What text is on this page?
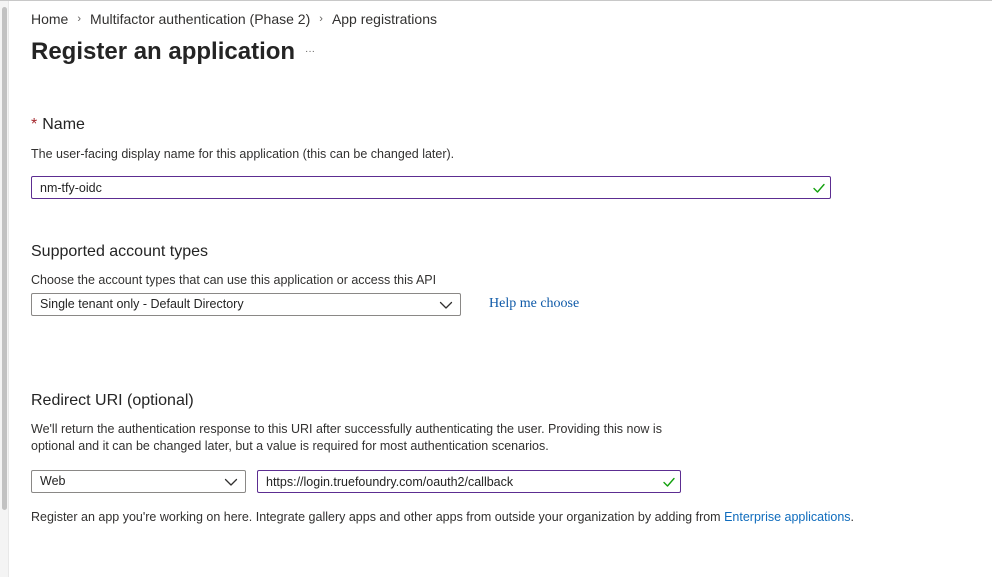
Home › Multifactor authentication (Phase 2) › App registrations
Register an application ···
* Name
The user-facing display name for this application (this can be changed later).
nm-tfy-oidc
Supported account types
Choose the account types that can use this application or access this API
Single tenant only - Default Directory	Help me choose
Redirect URI (optional)
We'll return the authentication response to this URI after successfully authenticating the user. Providing this now is
optional and it can be changed later, but a value is required for most authentication scenarios.
Web
https://login.truefoundry.com/oauth2/callback
Register an app you're working on here. Integrate gallery apps and other apps from outside your organization by adding from Enterprise applications.
